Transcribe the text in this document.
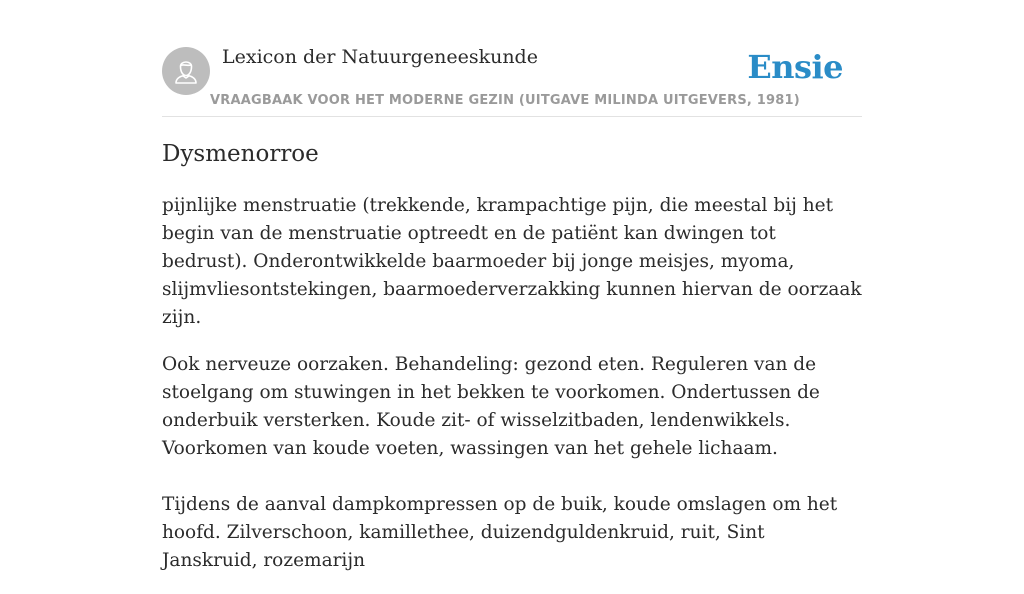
Lexicon der Natuurgeneeskunde
VRAAGBAAK VOOR HET MODERNE GEZIN (UITGAVE MILINDA UITGEVERS, 1981)
Ensie
Dysmenorroe

pijnlijke menstruatie (trekkende, krampachtige pijn, die meestal bij het begin van de menstruatie optreedt en de patiënt kan dwingen tot bedrust). Onderontwikkelde baarmoeder bij jonge meisjes, myoma, slijmvliesontstekingen, baarmoederverzakking kunnen hiervan de oorzaak zijn.

Ook nerveuze oorzaken. Behandeling: gezond eten. Reguleren van de stoelgang om stuwingen in het bekken te voorkomen. Ondertussen de onderbuik versterken. Koude zit- of wisselzitbaden, lendenwikkels. Voorkomen van koude voeten, wassingen van het gehele lichaam.

Tijdens de aanval dampkompressen op de buik, koude omslagen om het hoofd. Zilverschoon, kamillethee, duizendguldenkruid, ruit, Sint Janskruid, rozemarijn
